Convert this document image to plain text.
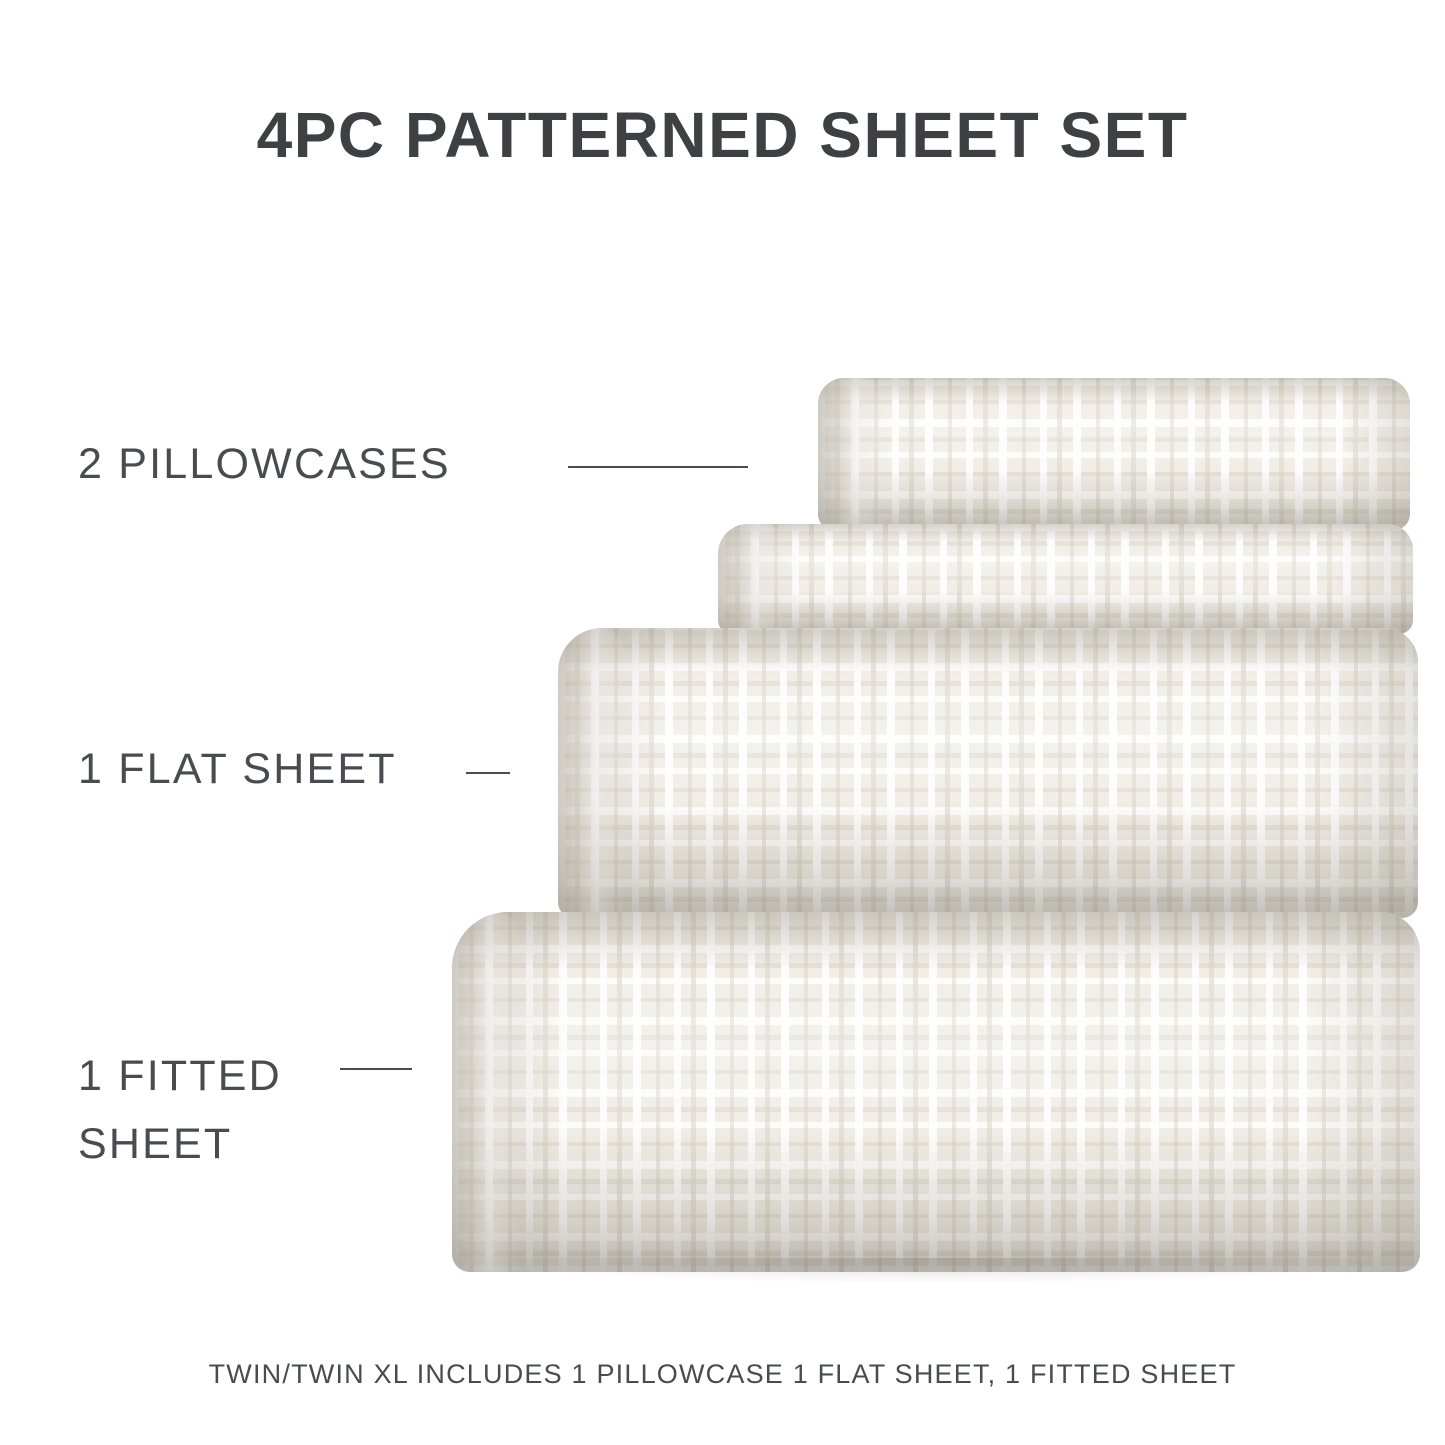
4PC PATTERNED SHEET SET
2 PILLOWCASES
1 FLAT SHEET
1 FITTED
SHEET
TWIN/TWIN XL INCLUDES 1 PILLOWCASE 1 FLAT SHEET, 1 FITTED SHEET
